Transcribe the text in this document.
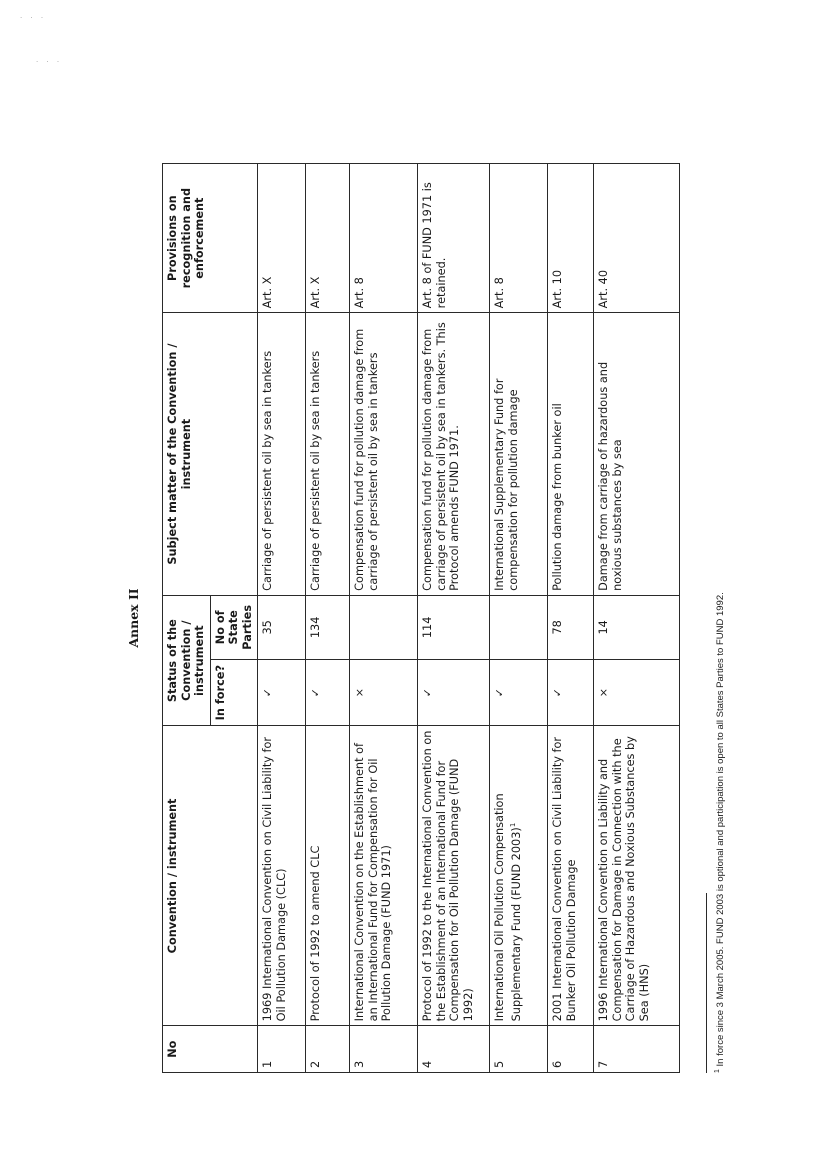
· · ·
· · ·
Annex II
No	Convention / instrument	Status of the Convention / instrument		Subject matter of the Convention / instrument	Provisions on recognition and enforcement
		In force?	No of State Parties		
1	1969 International Convention on Civil Liability for Oil Pollution Damage (CLC)	✓	35	Carriage of persistent oil by sea in tankers	Art. X
2	Protocol of 1992 to amend CLC	✓	134	Carriage of persistent oil by sea in tankers	Art. X
3	International Convention on the Establishment of an International Fund for Compensation for Oil Pollution Damage (FUND 1971)	×		Compensation fund for pollution damage from carriage of persistent oil by sea in tankers	Art. 8
4	Protocol of 1992 to the International Convention on the Establishment of an International Fund for Compensation for Oil Pollution Damage (FUND 1992)	✓	114	Compensation fund for pollution damage from carriage of persistent oil by sea in tankers. This Protocol amends FUND 1971.	Art. 8 of FUND 1971 is retained.
5	International Oil Pollution Compensation Supplementary Fund (FUND 2003)$^1$	✓		International Supplementary Fund for compensation for pollution damage	Art. 8
6	2001 International Convention on Civil Liability for Bunker Oil Pollution Damage	✓	78	Pollution damage from bunker oil	Art. 10
7	1996 International Convention on Liability and Compensation for Damage in Connection with the Carriage of Hazardous and Noxious Substances by Sea (HNS)	×	14	Damage from carriage of hazardous and noxious substances by sea	Art. 40
$^1$ In force since 3 March 2005. FUND 2003 is optional and participation is open to all States Parties to FUND 1992.
